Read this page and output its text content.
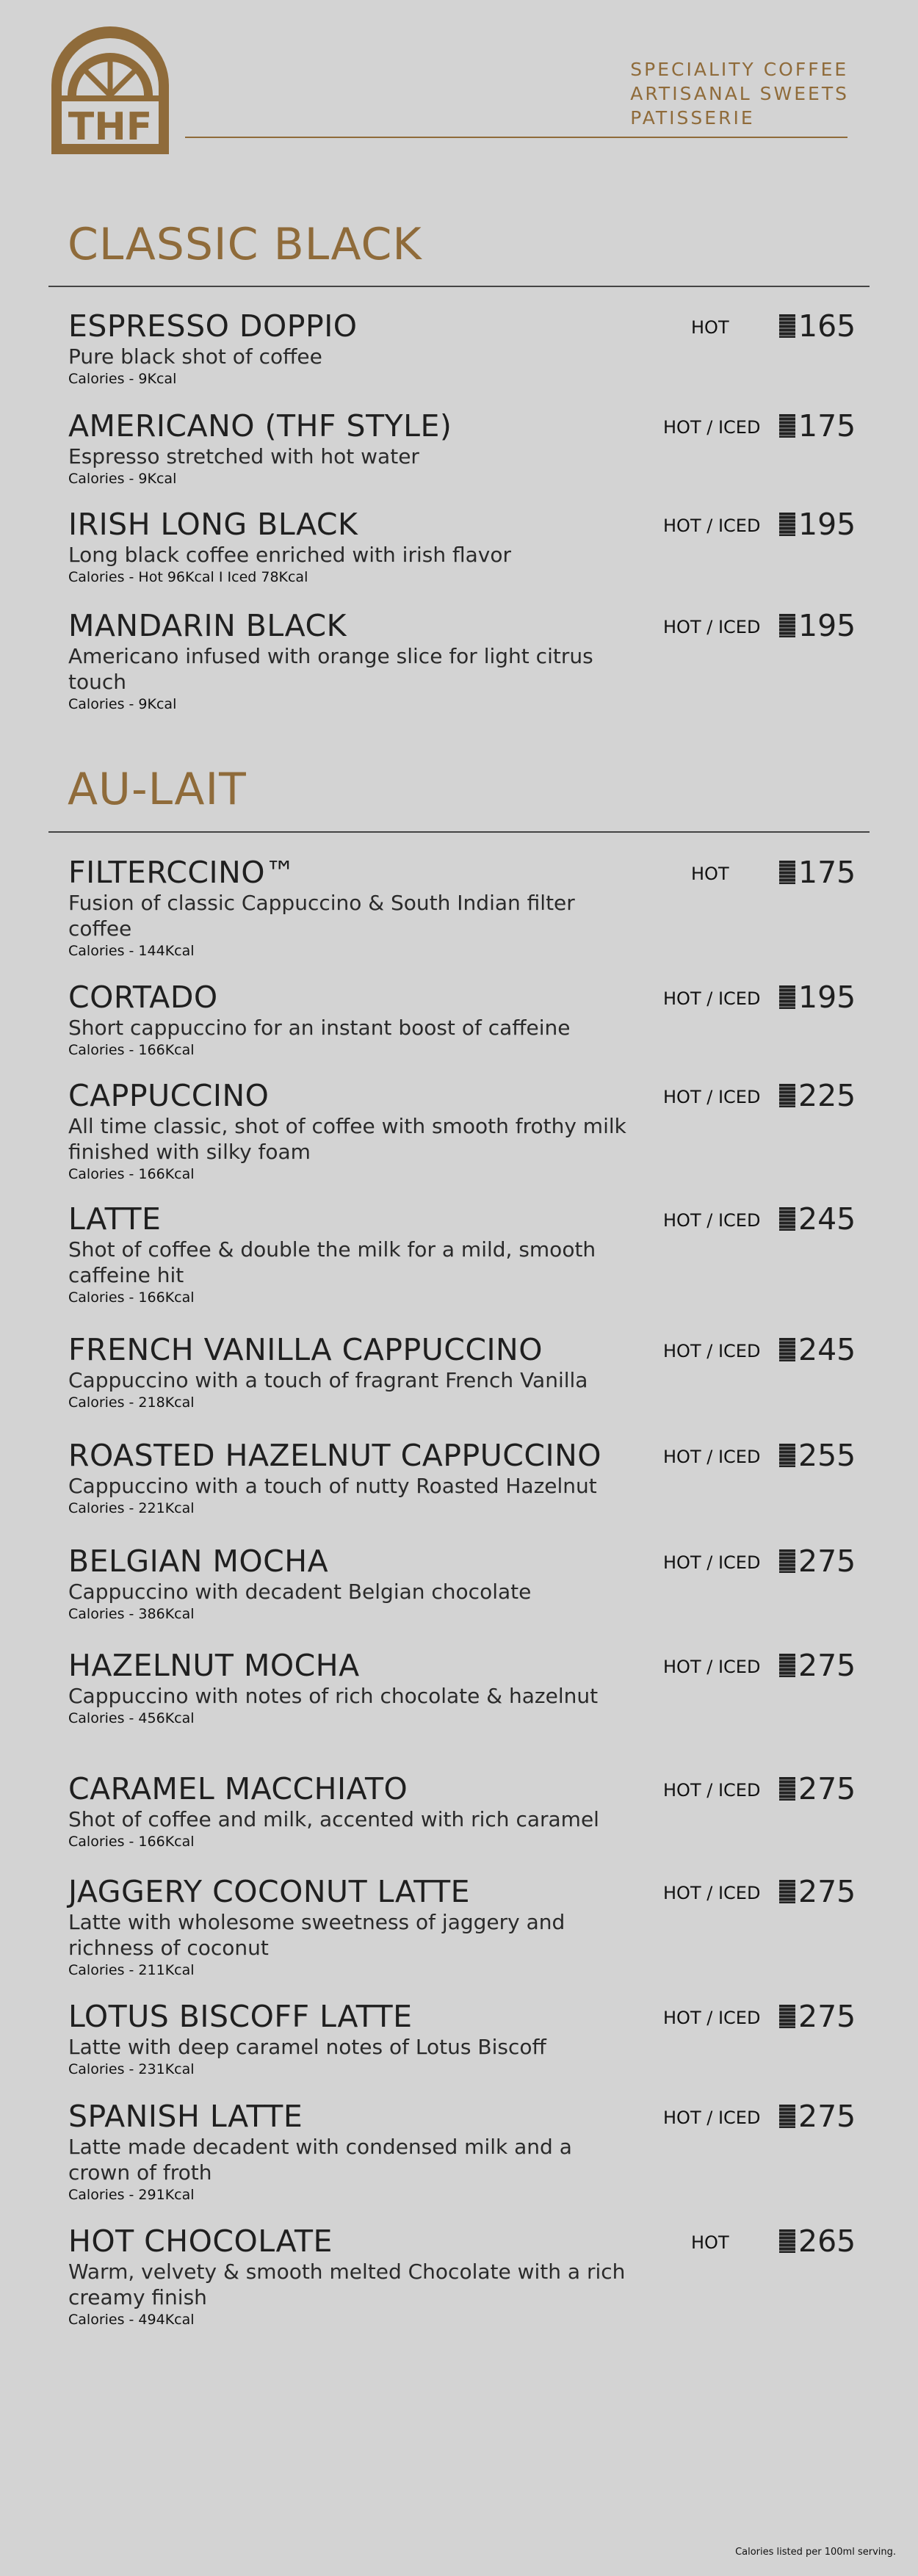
THF
SPECIALITY COFFEE
ARTISANAL SWEETS
PATISSERIE
CLASSIC BLACK
ESPRESSO DOPPIO
Pure black shot of coffee
Calories - 9Kcal
HOT 165
AMERICANO (THF STYLE)
Espresso stretched with hot water
Calories - 9Kcal
HOT / ICED 175
IRISH LONG BLACK
Long black coffee enriched with irish flavor
Calories - Hot 96Kcal I Iced 78Kcal
HOT / ICED 195
MANDARIN BLACK
Americano infused with orange slice for light citrus touch
Calories - 9Kcal
HOT / ICED 195
AU-LAIT
FILTERCCINO™
Fusion of classic Cappuccino & South Indian filter coffee
Calories - 144Kcal
HOT 175
CORTADO
Short cappuccino for an instant boost of caffeine
Calories - 166Kcal
HOT / ICED 195
CAPPUCCINO
All time classic, shot of coffee with smooth frothy milk finished with silky foam
Calories - 166Kcal
HOT / ICED 225
LATTE
Shot of coffee & double the milk for a mild, smooth caffeine hit
Calories - 166Kcal
HOT / ICED 245
FRENCH VANILLA CAPPUCCINO
Cappuccino with a touch of fragrant French Vanilla
Calories - 218Kcal
HOT / ICED 245
ROASTED HAZELNUT CAPPUCCINO
Cappuccino with a touch of nutty Roasted Hazelnut
Calories - 221Kcal
HOT / ICED 255
BELGIAN MOCHA
Cappuccino with decadent Belgian chocolate
Calories - 386Kcal
HOT / ICED 275
HAZELNUT MOCHA
Cappuccino with notes of rich chocolate & hazelnut
Calories - 456Kcal
HOT / ICED 275
CARAMEL MACCHIATO
Shot of coffee and milk, accented with rich caramel
Calories - 166Kcal
HOT / ICED 275
JAGGERY COCONUT LATTE
Latte with wholesome sweetness of jaggery and richness of coconut
Calories - 211Kcal
HOT / ICED 275
LOTUS BISCOFF LATTE
Latte with deep caramel notes of Lotus Biscoff
Calories - 231Kcal
HOT / ICED 275
SPANISH LATTE
Latte made decadent with condensed milk and a crown of froth
Calories - 291Kcal
HOT / ICED 275
HOT CHOCOLATE
Warm, velvety & smooth melted Chocolate with a rich creamy finish
Calories - 494Kcal
HOT 265
Calories listed per 100ml serving.
